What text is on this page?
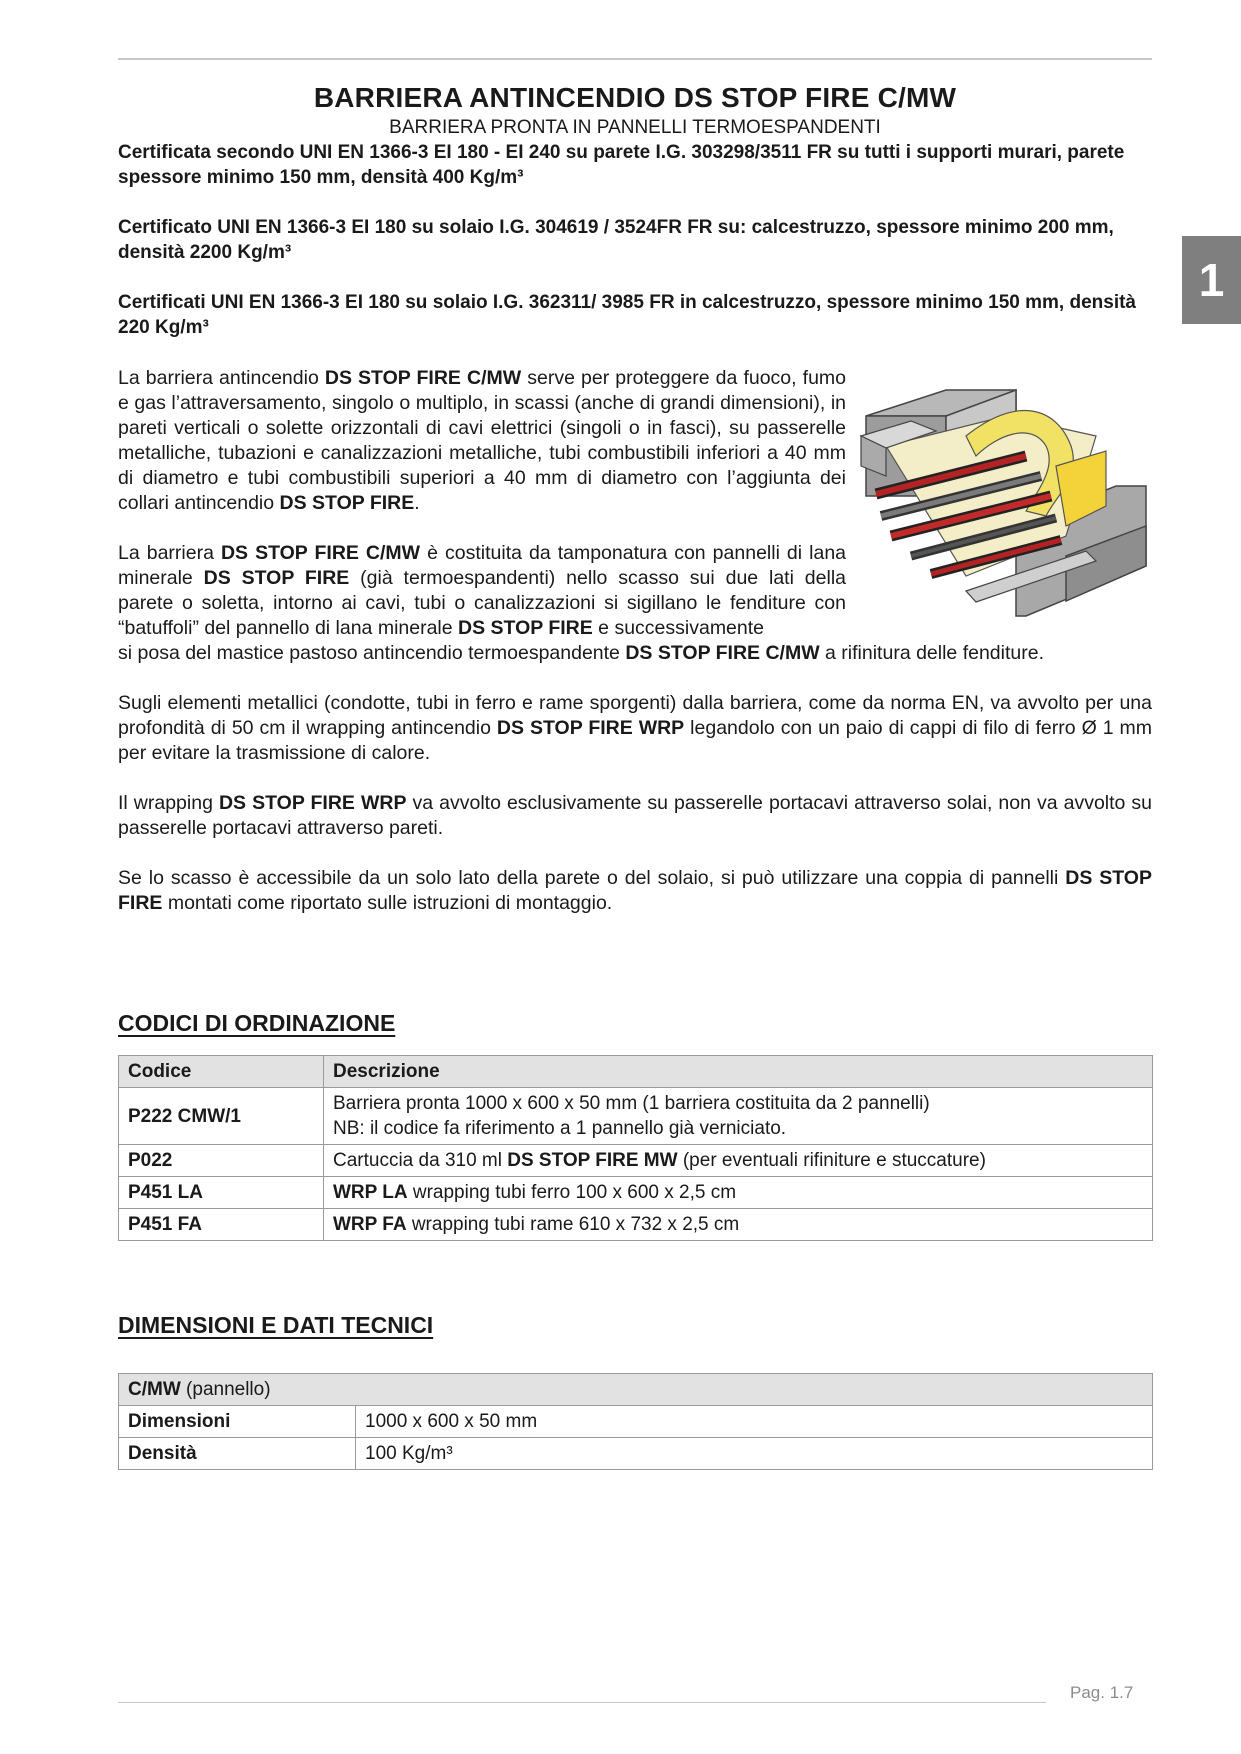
1
BARRIERA ANTINCENDIO DS STOP FIRE C/MW
BARRIERA PRONTA IN PANNELLI TERMOESPANDENTI
Certificata secondo UNI EN 1366-3 EI 180 - EI 240 su parete I.G. 303298/3511 FR su tutti i supporti murari, parete spessore minimo 150 mm, densità 400 Kg/m³
Certificato UNI EN 1366-3 EI 180 su solaio I.G. 304619 / 3524FR FR su: calcestruzzo, spessore minimo 200 mm, densità 2200 Kg/m³
Certificati UNI EN 1366-3 EI 180 su solaio I.G. 362311/ 3985 FR in calcestruzzo, spessore minimo 150 mm, densità 220 Kg/m³
La barriera antincendio DS STOP FIRE C/MW serve per proteggere da fuoco, fumo e gas l’attraversamento, singolo o multiplo, in scassi (anche di grandi dimensioni), in pareti verticali o solette orizzontali di cavi elettrici (singoli o in fasci), su passerelle metalliche, tubazioni e canalizzazioni metalliche, tubi combustibili inferiori a 40 mm di diametro e tubi combustibili superiori a 40 mm di diametro con l’aggiunta dei collari antincendio DS STOP FIRE.
La barriera DS STOP FIRE C/MW è costituita da tamponatura con pannelli di lana minerale DS STOP FIRE (già termoespandenti) nello scasso sui due lati della parete o soletta, intorno ai cavi, tubi o canalizzazioni si sigillano le fenditure con “batuffoli” del pannello di lana minerale DS STOP FIRE e successivamente
si posa del mastice pastoso antincendio termoespandente DS STOP FIRE C/MW a rifinitura delle fenditure.
Sugli elementi metallici (condotte, tubi in ferro e rame sporgenti) dalla barriera, come da norma EN, va avvolto per una profondità di 50 cm il wrapping antincendio DS STOP FIRE WRP legandolo con un paio di cappi di filo di ferro Ø 1 mm per evitare la trasmissione di calore.
Il wrapping DS STOP FIRE WRP va avvolto esclusivamente su passerelle portacavi attraverso solai, non va avvolto su passerelle portacavi attraverso pareti.
Se lo scasso è accessibile da un solo lato della parete o del solaio, si può utilizzare una coppia di pannelli DS STOP FIRE montati come riportato sulle istruzioni di montaggio.
CODICI DI ORDINAZIONE
Codice	Descrizione
P222 CMW/1	Barriera pronta 1000 x 600 x 50 mm (1 barriera costituita da 2 pannelli)
NB: il codice fa riferimento a 1 pannello già verniciato.

P022	Cartuccia da 310 ml DS STOP FIRE MW (per eventuali rifiniture e stuccature)
P451 LA	WRP LA wrapping tubi ferro 100 x 600 x 2,5 cm
P451 FA	WRP FA wrapping tubi rame 610 x 732 x 2,5 cm
DIMENSIONI E DATI TECNICI
C/MW (pannello)	
Dimensioni	1000 x 600 x 50 mm
Densità	100 Kg/m³
Pag. 1.7
